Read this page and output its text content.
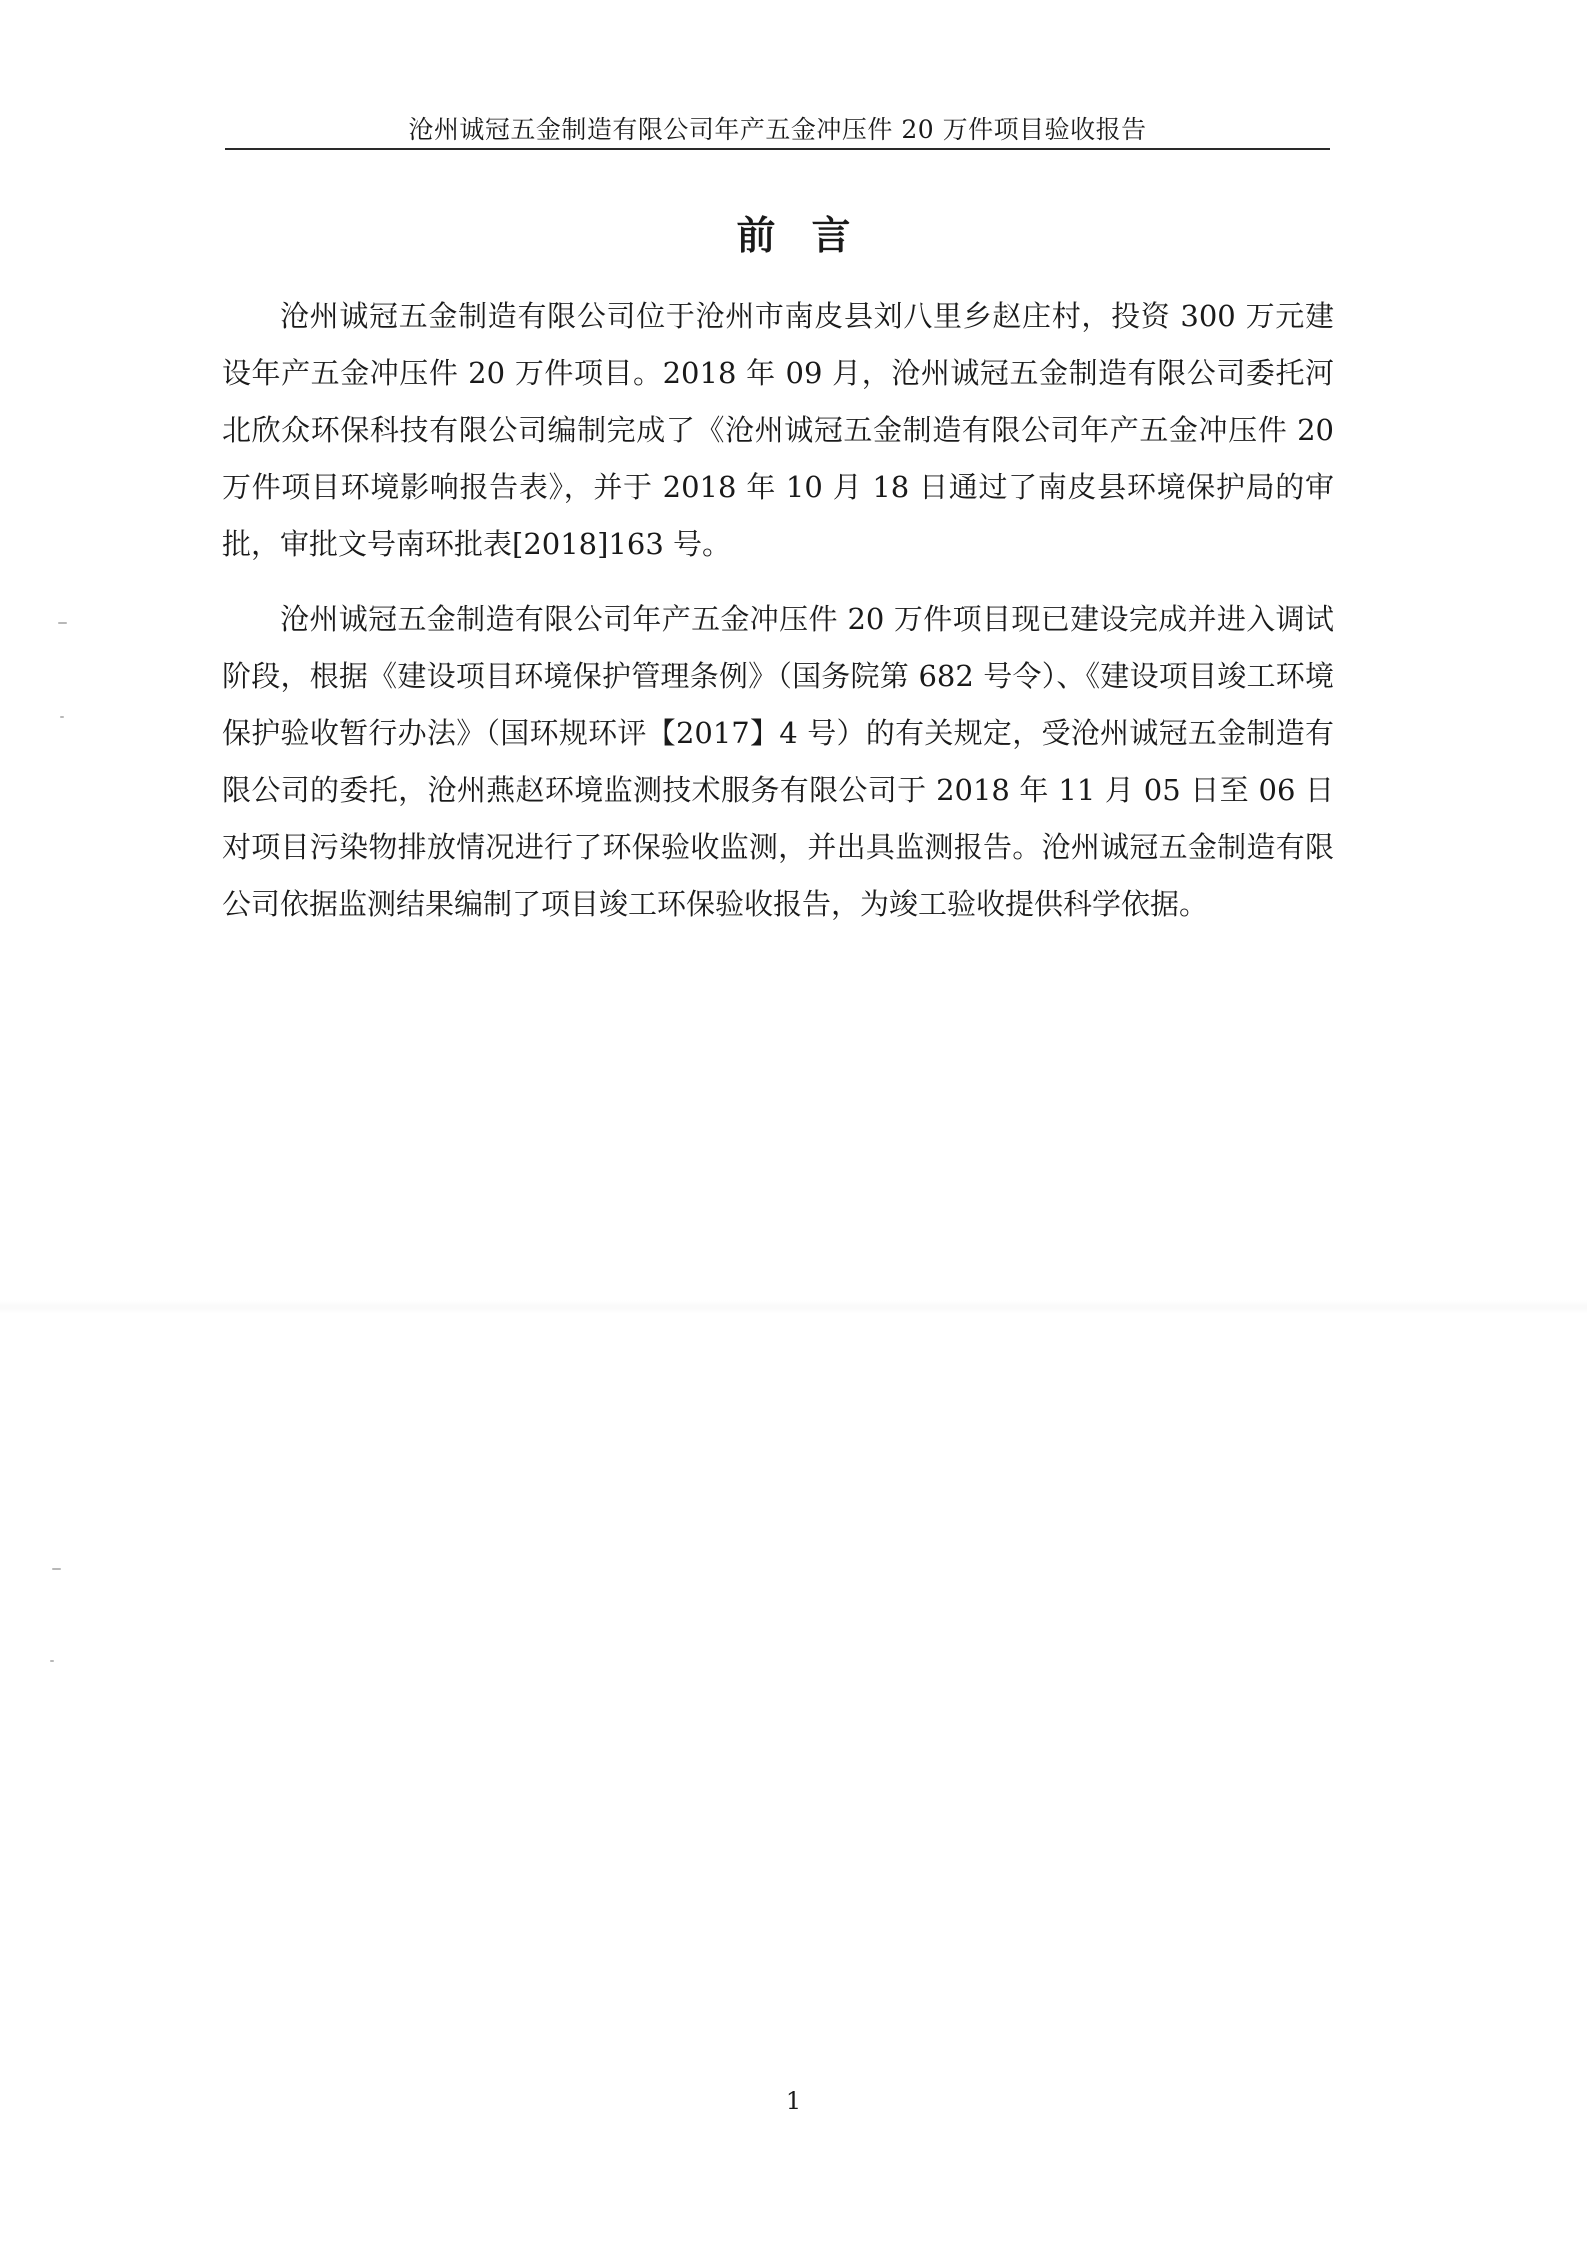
沧州诚冠五金制造有限公司年产五金冲压件 20 万件项目验收报告
前言

沧州诚冠五金制造有限公司位于沧州市南皮县刘八里乡赵庄村，投资 300 万元建设年产五金冲压件 20 万件项目。2018 年 09 月，沧州诚冠五金制造有限公司委托河北欣众环保科技有限公司编制完成了《沧州诚冠五金制造有限公司年产五金冲压件 20 万件项目环境影响报告表》，并于 2018 年 10 月 18 日通过了南皮县环境保护局的审批，审批文号南环批表[2018]163 号。

沧州诚冠五金制造有限公司年产五金冲压件 20 万件项目现已建设完成并进入调试阶段，根据《建设项目环境保护管理条例》（国务院第 682 号令）、《建设项目竣工环境保护验收暂行办法》（国环规环评【2017】4 号）的有关规定，受沧州诚冠五金制造有限公司的委托，沧州燕赵环境监测技术服务有限公司于 2018 年 11 月 05 日至 06 日对项目污染物排放情况进行了环保验收监测，并出具监测报告。沧州诚冠五金制造有限公司依据监测结果编制了项目竣工环保验收报告，为竣工验收提供科学依据。

1
